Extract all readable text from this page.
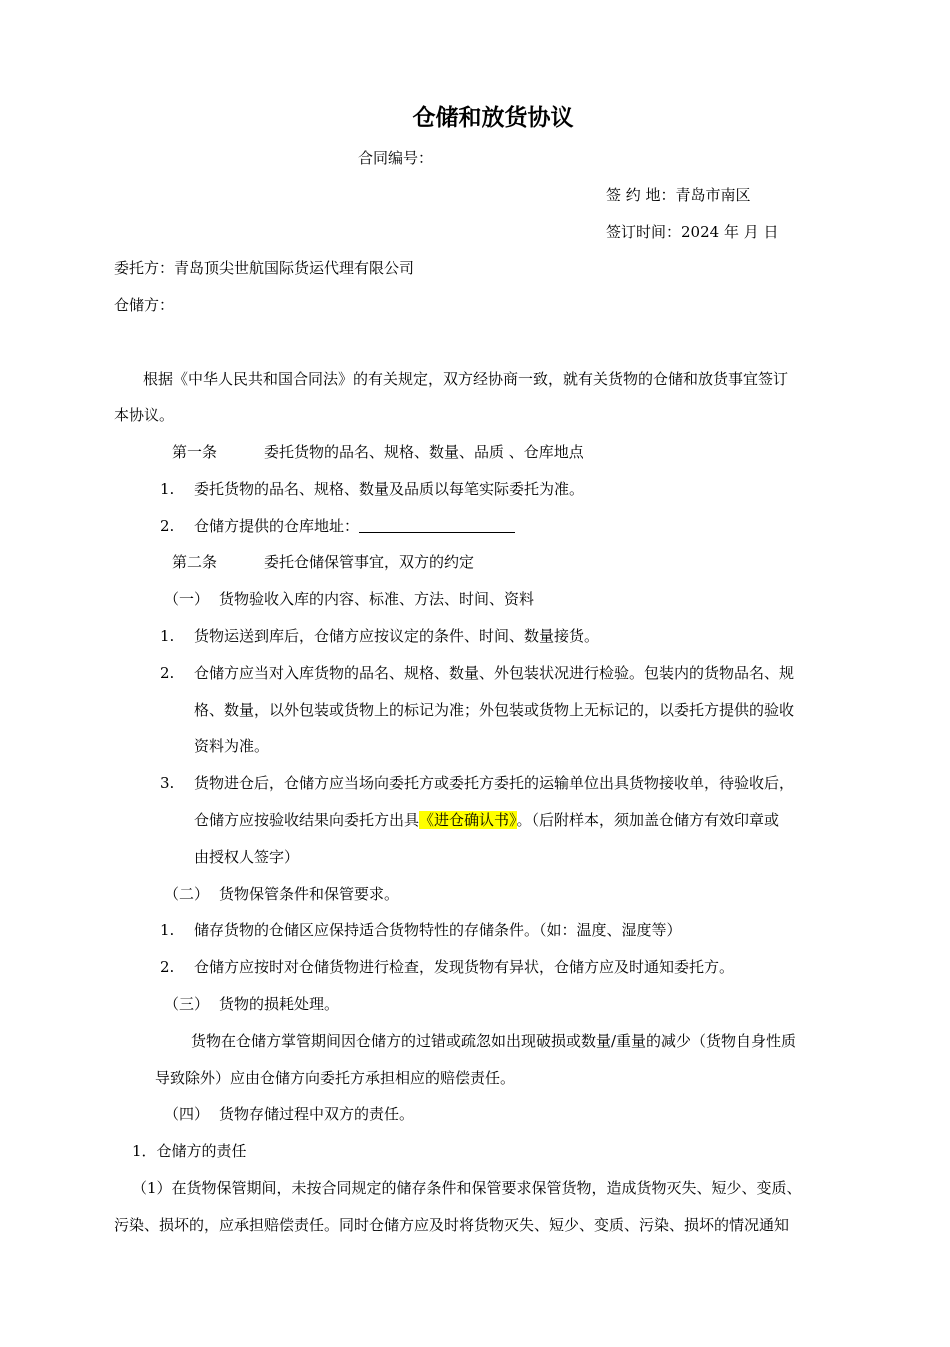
仓储和放货协议
合同编号：
签 约 地：青岛市南区
签订时间：2024 年 月 日
委托方：青岛顶尖世航国际货运代理有限公司
仓储方：
根据《中华人民共和国合同法》的有关规定，双方经协商一致，就有关货物的仓储和放货事宜签订
本协议。
第一条	委托货物的品名、规格、数量、品质 、仓库地点
1. 委托货物的品名、规格、数量及品质以每笔实际委托为准。
2. 仓储方提供的仓库地址：
第二条	委托仓储保管事宜，双方的约定
（一） 货物验收入库的内容、标准、方法、时间、资料
1. 货物运送到库后，仓储方应按议定的条件、时间、数量接货。
2. 仓储方应当对入库货物的品名、规格、数量、外包装状况进行检验。包装内的货物品名、规
格、数量，以外包装或货物上的标记为准；外包装或货物上无标记的，以委托方提供的验收
资料为准。
3. 货物进仓后，仓储方应当场向委托方或委托方委托的运输单位出具货物接收单，待验收后，
仓储方应按验收结果向委托方出具《进仓确认书》。（后附样本，须加盖仓储方有效印章或
由授权人签字）
（二） 货物保管条件和保管要求。
1. 储存货物的仓储区应保持适合货物特性的存储条件。（如：温度、湿度等）
2. 仓储方应按时对仓储货物进行检查，发现货物有异状，仓储方应及时通知委托方。
（三） 货物的损耗处理。
货物在仓储方掌管期间因仓储方的过错或疏忽如出现破损或数量/重量的减少（货物自身性质
导致除外）应由仓储方向委托方承担相应的赔偿责任。
（四） 货物存储过程中双方的责任。
1．仓储方的责任
（1）在货物保管期间，未按合同规定的储存条件和保管要求保管货物，造成货物灭失、短少、变质、
污染、损坏的，应承担赔偿责任。同时仓储方应及时将货物灭失、短少、变质、污染、损坏的情况通知
